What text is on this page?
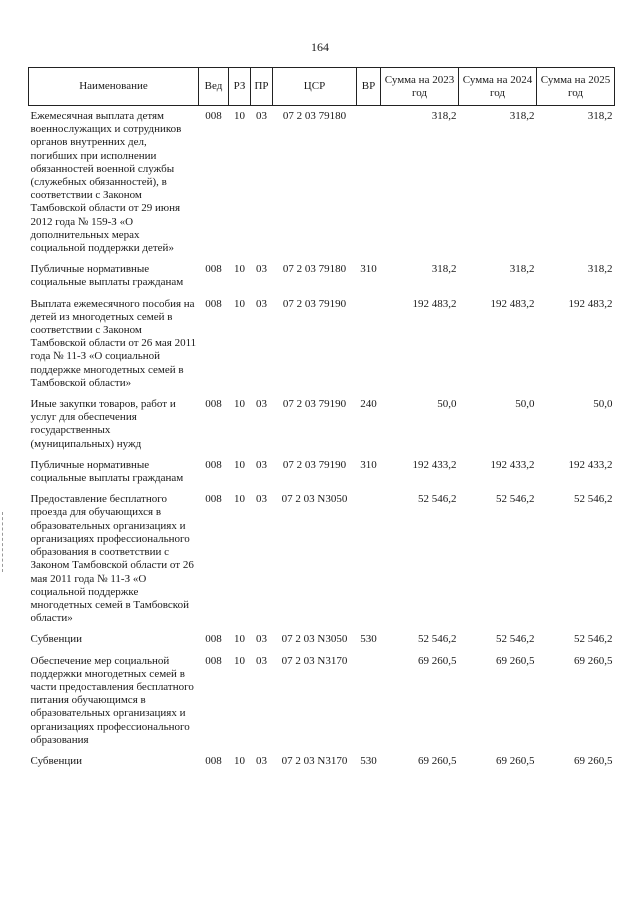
164
Наименование	Вед	РЗ	ПР	ЦСР	ВР	Сумма на 2023 год	Сумма на 2024 год	Сумма на 2025 год
Ежемесячная выплата детям военнослужащих и сотрудников органов внутренних дел, погибших при исполнении обязанностей военной службы (служебных обязанностей), в соответствии с Законом Тамбовской области от 29 июня 2012 года № 159-З «О дополнительных мерах социальной поддержки детей»	008	10	03	07 2 03 79180		318,2	318,2	318,2
Публичные нормативные социальные выплаты гражданам	008	10	03	07 2 03 79180	310	318,2	318,2	318,2
Выплата ежемесячного пособия на детей из многодетных семей в соответствии с Законом Тамбовской области от 26 мая 2011 года № 11-З «О социальной поддержке многодетных семей в Тамбовской области»	008	10	03	07 2 03 79190		192 483,2	192 483,2	192 483,2
Иные закупки товаров, работ и услуг для обеспечения государственных (муниципальных) нужд	008	10	03	07 2 03 79190	240	50,0	50,0	50,0
Публичные нормативные социальные выплаты гражданам	008	10	03	07 2 03 79190	310	192 433,2	192 433,2	192 433,2
Предоставление бесплатного проезда для обучающихся в образовательных организациях и организациях профессионального образования в соответствии с Законом Тамбовской области от 26 мая 2011 года № 11-З «О социальной поддержке многодетных семей в Тамбовской области»	008	10	03	07 2 03 N3050		52 546,2	52 546,2	52 546,2
Субвенции	008	10	03	07 2 03 N3050	530	52 546,2	52 546,2	52 546,2
Обеспечение мер социальной поддержки многодетных семей в части предоставления бесплатного питания обучающимся в образовательных организациях и организациях профессионального образования	008	10	03	07 2 03 N3170		69 260,5	69 260,5	69 260,5
Субвенции	008	10	03	07 2 03 N3170	530	69 260,5	69 260,5	69 260,5
